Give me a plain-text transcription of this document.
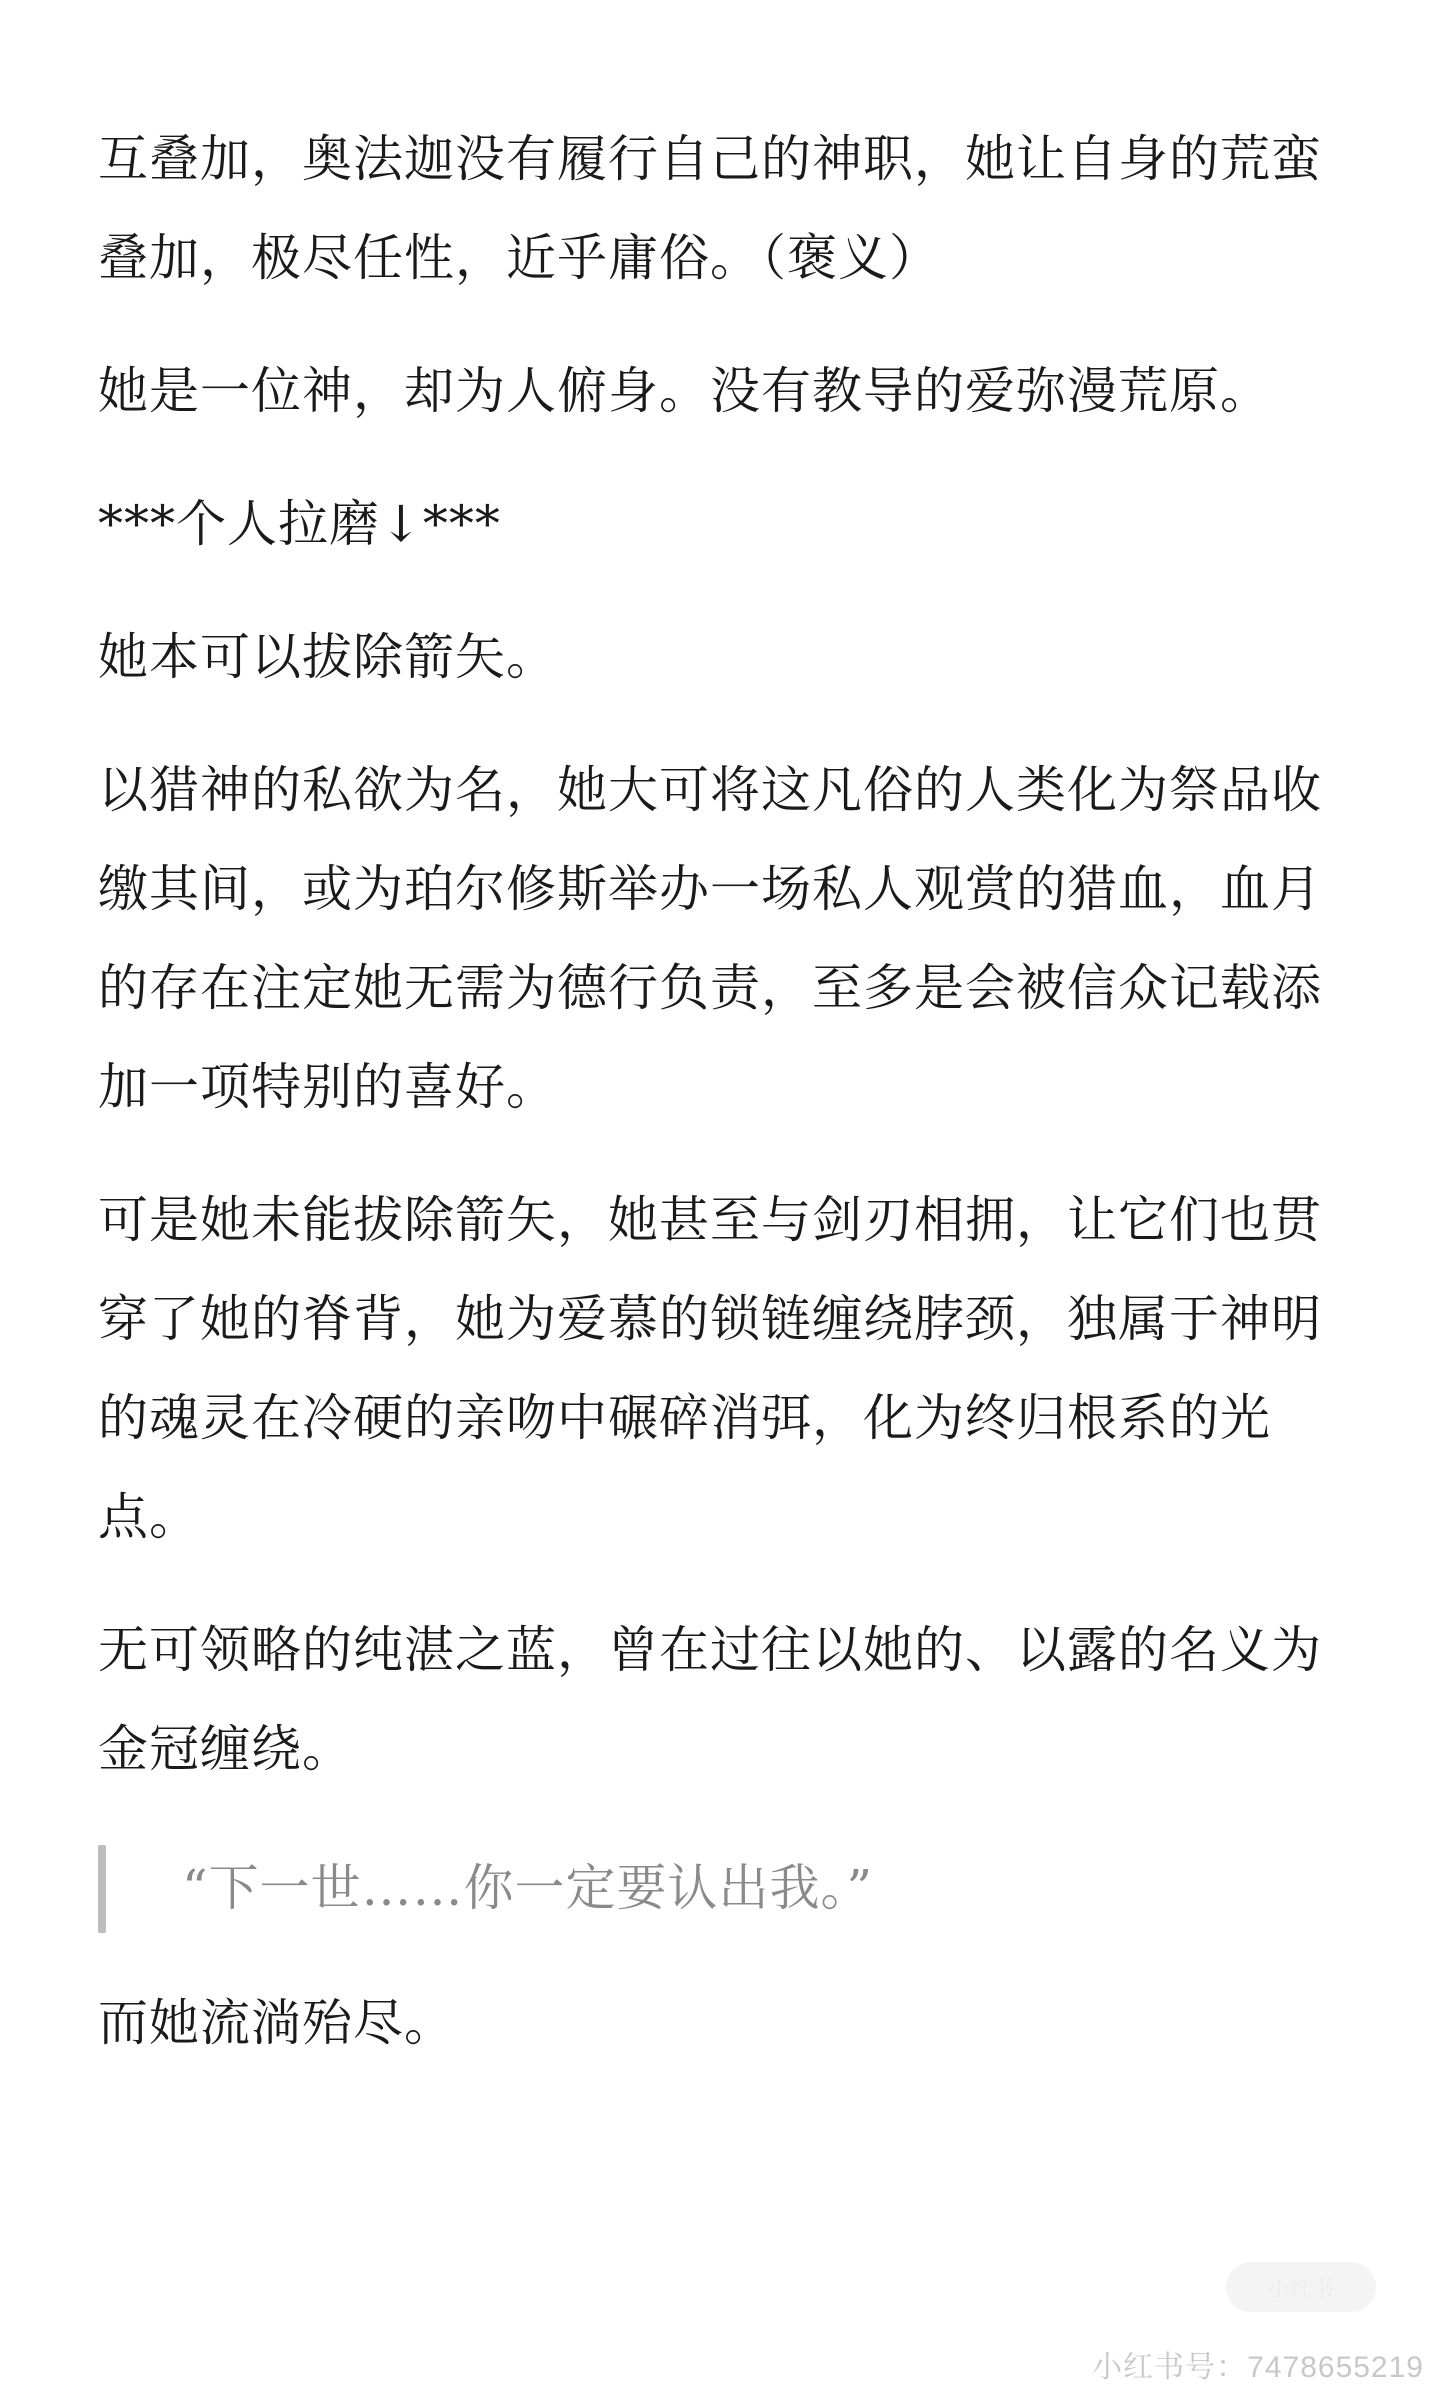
互叠加，奥法迦没有履行自己的神职，她让自身的荒蛮叠加，极尽任性，近乎庸俗。（褒义）

她是一位神，却为人俯身。没有教导的爱弥漫荒原。

***个人拉磨↓***

她本可以拔除箭矢。

以猎神的私欲为名，她大可将这凡俗的人类化为祭品收缴其间，或为珀尔修斯举办一场私人观赏的猎血，血月的存在注定她无需为德行负责，至多是会被信众记载添加一项特别的喜好。

可是她未能拔除箭矢，她甚至与剑刃相拥，让它们也贯穿了她的脊背，她为爱慕的锁链缠绕脖颈，独属于神明的魂灵在冷硬的亲吻中碾碎消弭，化为终归根系的光点。

无可领略的纯湛之蓝，曾在过往以她的、以露的名义为金冠缠绕。

“下一世……你一定要认出我。”

而她流淌殆尽。

小红书
小红书号：7478655219
